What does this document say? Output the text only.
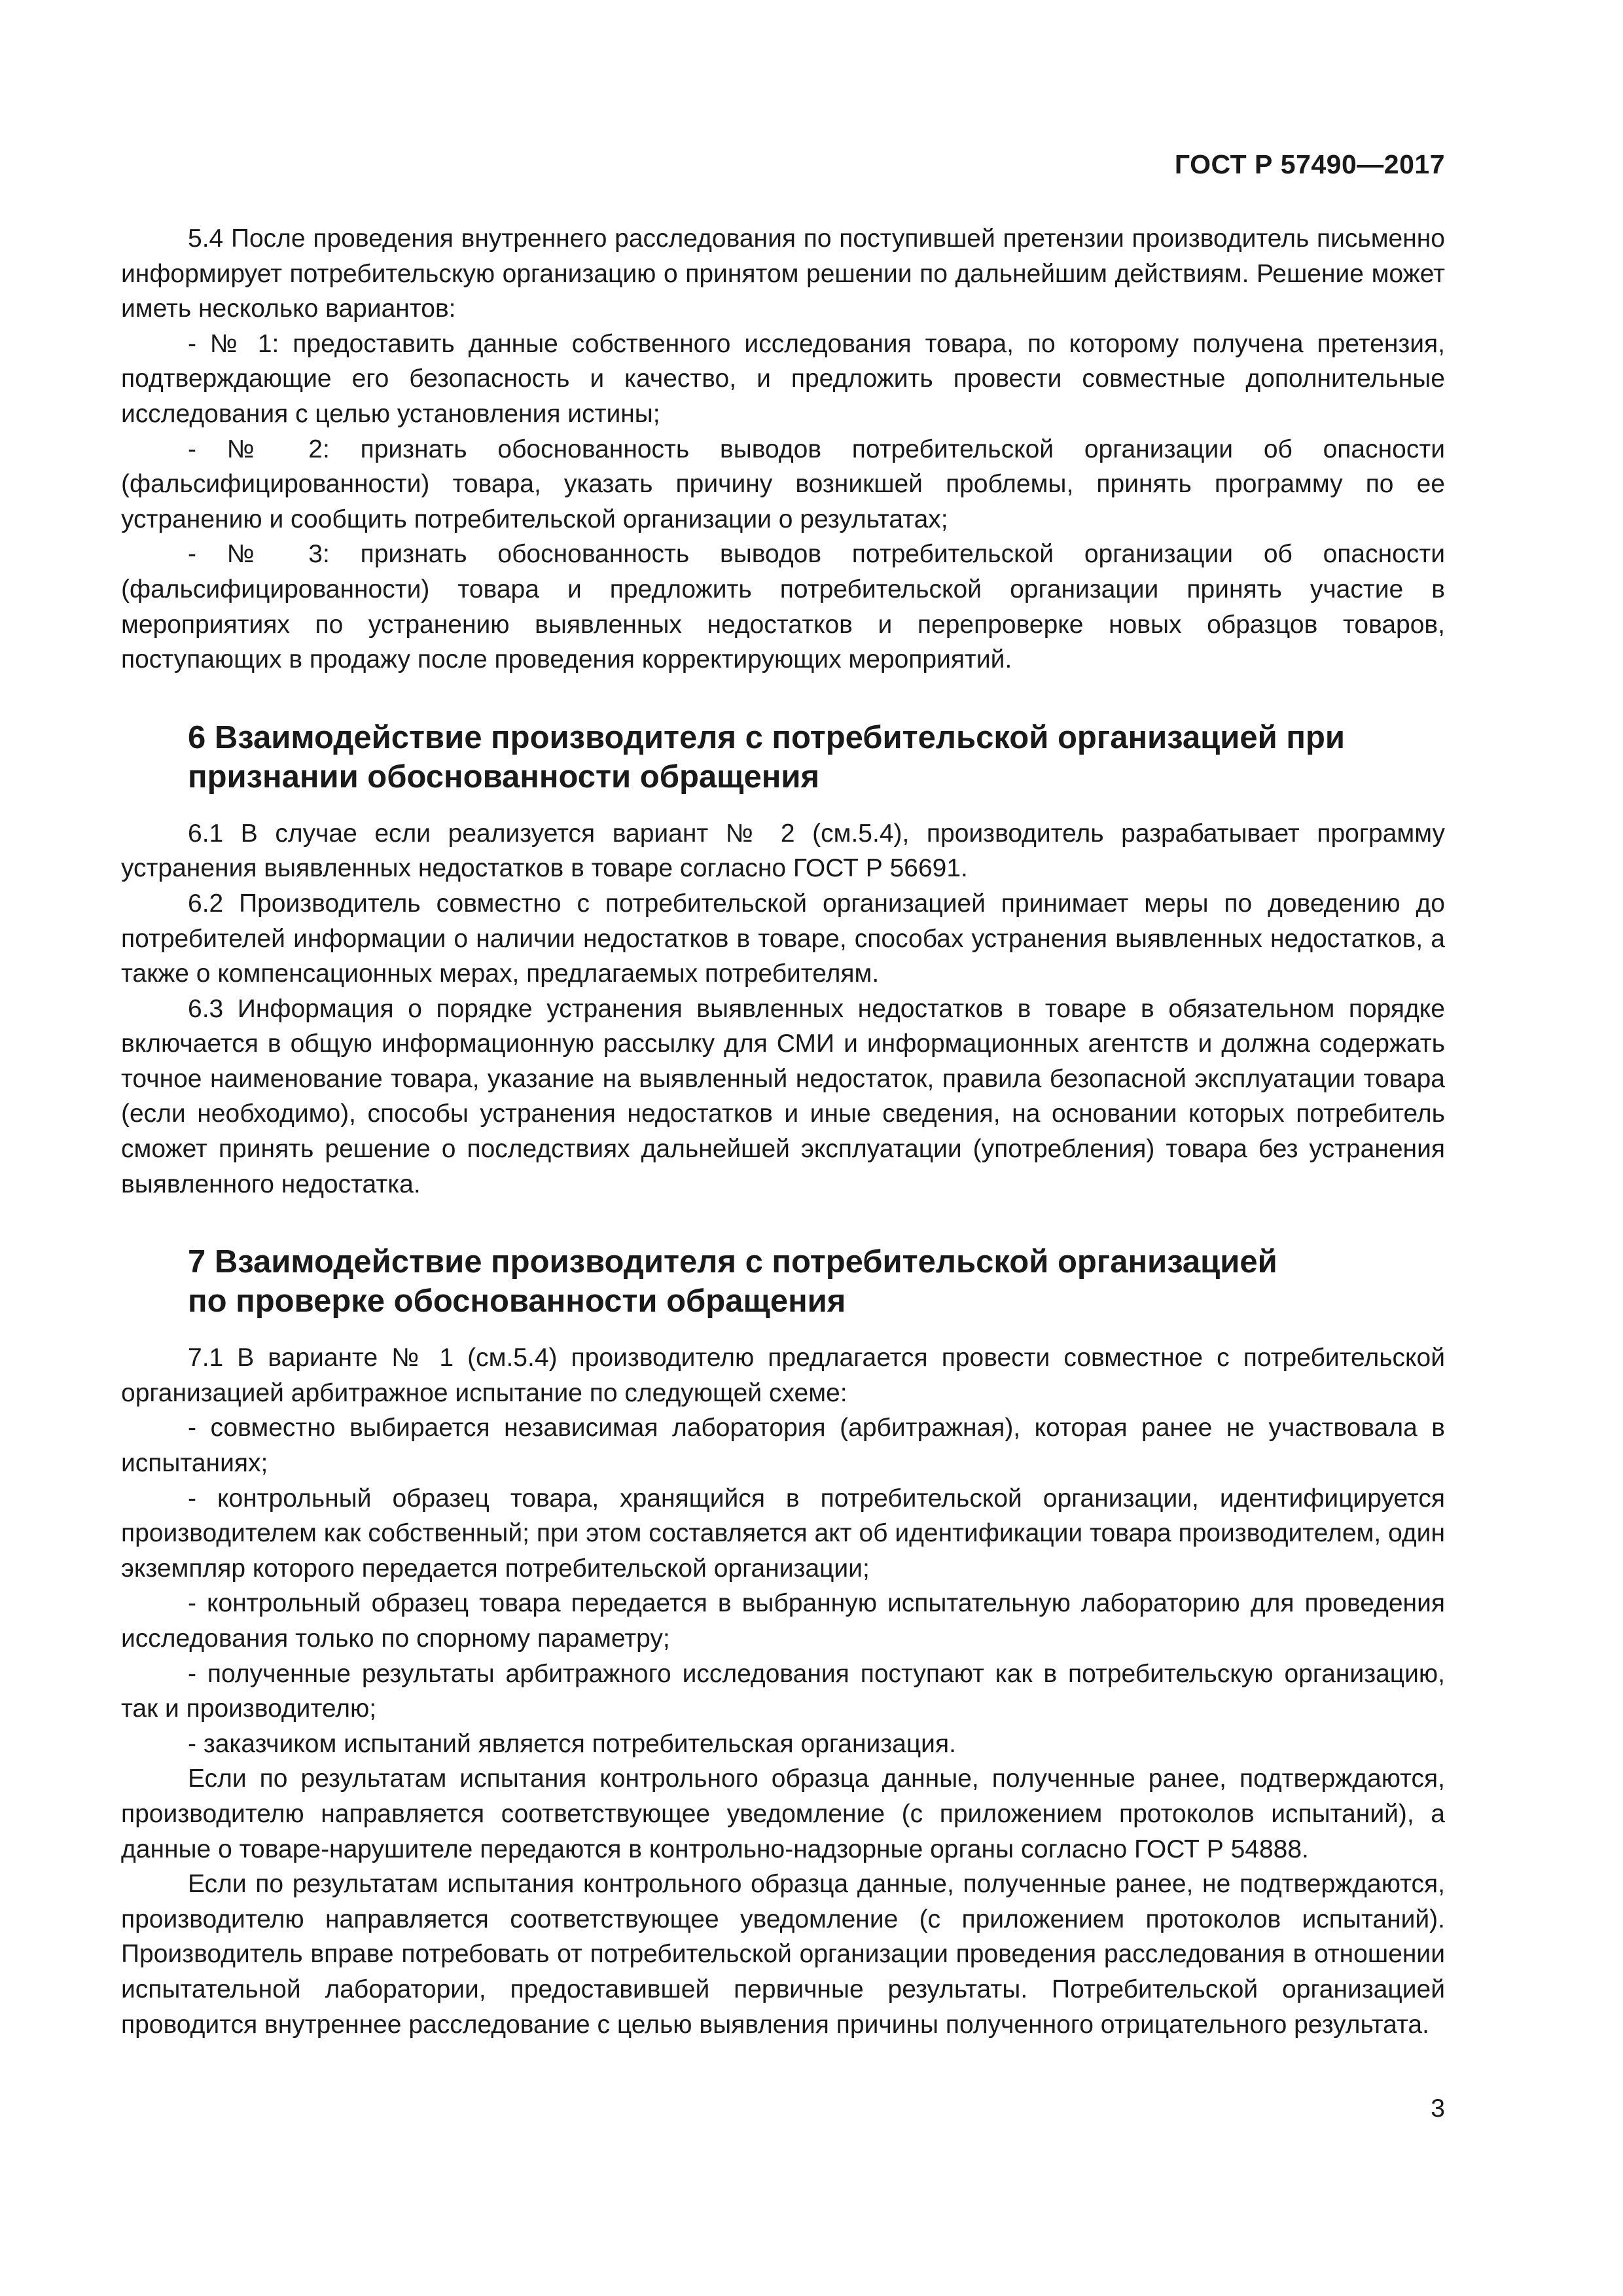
ГОСТ Р 57490—2017

5.4 После проведения внутреннего расследования по поступившей претензии производитель письменно информирует потребительскую организацию о принятом решении по дальнейшим действиям. Решение может иметь несколько вариантов:

- № 1: предоставить данные собственного исследования товара, по которому получена претензия, подтверждающие его безопасность и качество, и предложить провести совместные дополнительные исследования с целью установления истины;

- № 2: признать обоснованность выводов потребительской организации об опасности (фальсифицированности) товара, указать причину возникшей проблемы, принять программу по ее устранению и сообщить потребительской организации о результатах;

- № 3: признать обоснованность выводов потребительской организации об опасности (фальсифицированности) товара и предложить потребительской организации принять участие в мероприятиях по устранению выявленных недостатков и перепроверке новых образцов товаров, поступающих в продажу после проведения корректирующих мероприятий.

6 Взаимодействие производителя с потребительской организацией при
признании обоснованности обращения

6.1 В случае если реализуется вариант № 2 (см.5.4), производитель разрабатывает программу устранения выявленных недостатков в товаре согласно ГОСТ Р 56691.

6.2 Производитель совместно с потребительской организацией принимает меры по доведению до потребителей информации о наличии недостатков в товаре, способах устранения выявленных недостатков, а также о компенсационных мерах, предлагаемых потребителям.

6.3 Информация о порядке устранения выявленных недостатков в товаре в обязательном порядке включается в общую информационную рассылку для СМИ и информационных агентств и должна содержать точное наименование товара, указание на выявленный недостаток, правила безопасной эксплуатации товара (если необходимо), способы устранения недостатков и иные сведения, на основании которых потребитель сможет принять решение о последствиях дальнейшей эксплуатации (употребления) товара без устранения выявленного недостатка.

7 Взаимодействие производителя с потребительской организацией
по проверке обоснованности обращения

7.1 В варианте № 1 (см.5.4) производителю предлагается провести совместное с потребительской организацией арбитражное испытание по следующей схеме:

- совместно выбирается независимая лаборатория (арбитражная), которая ранее не участвовала в испытаниях;

- контрольный образец товара, хранящийся в потребительской организации, идентифицируется производителем как собственный; при этом составляется акт об идентификации товара производителем, один экземпляр которого передается потребительской организации;

- контрольный образец товара передается в выбранную испытательную лабораторию для проведения исследования только по спорному параметру;

- полученные результаты арбитражного исследования поступают как в потребительскую организацию, так и производителю;

- заказчиком испытаний является потребительская организация.

Если по результатам испытания контрольного образца данные, полученные ранее, подтверждаются, производителю направляется соответствующее уведомление (с приложением протоколов испытаний), а данные о товаре-нарушителе передаются в контрольно-надзорные органы согласно ГОСТ Р 54888.

Если по результатам испытания контрольного образца данные, полученные ранее, не подтверждаются, производителю направляется соответствующее уведомление (с приложением протоколов испытаний). Производитель вправе потребовать от потребительской организации проведения расследования в отношении испытательной лаборатории, предоставившей первичные результаты. Потребительской организацией проводится внутреннее расследование с целью выявления причины полученного отрицательного результата.

3
